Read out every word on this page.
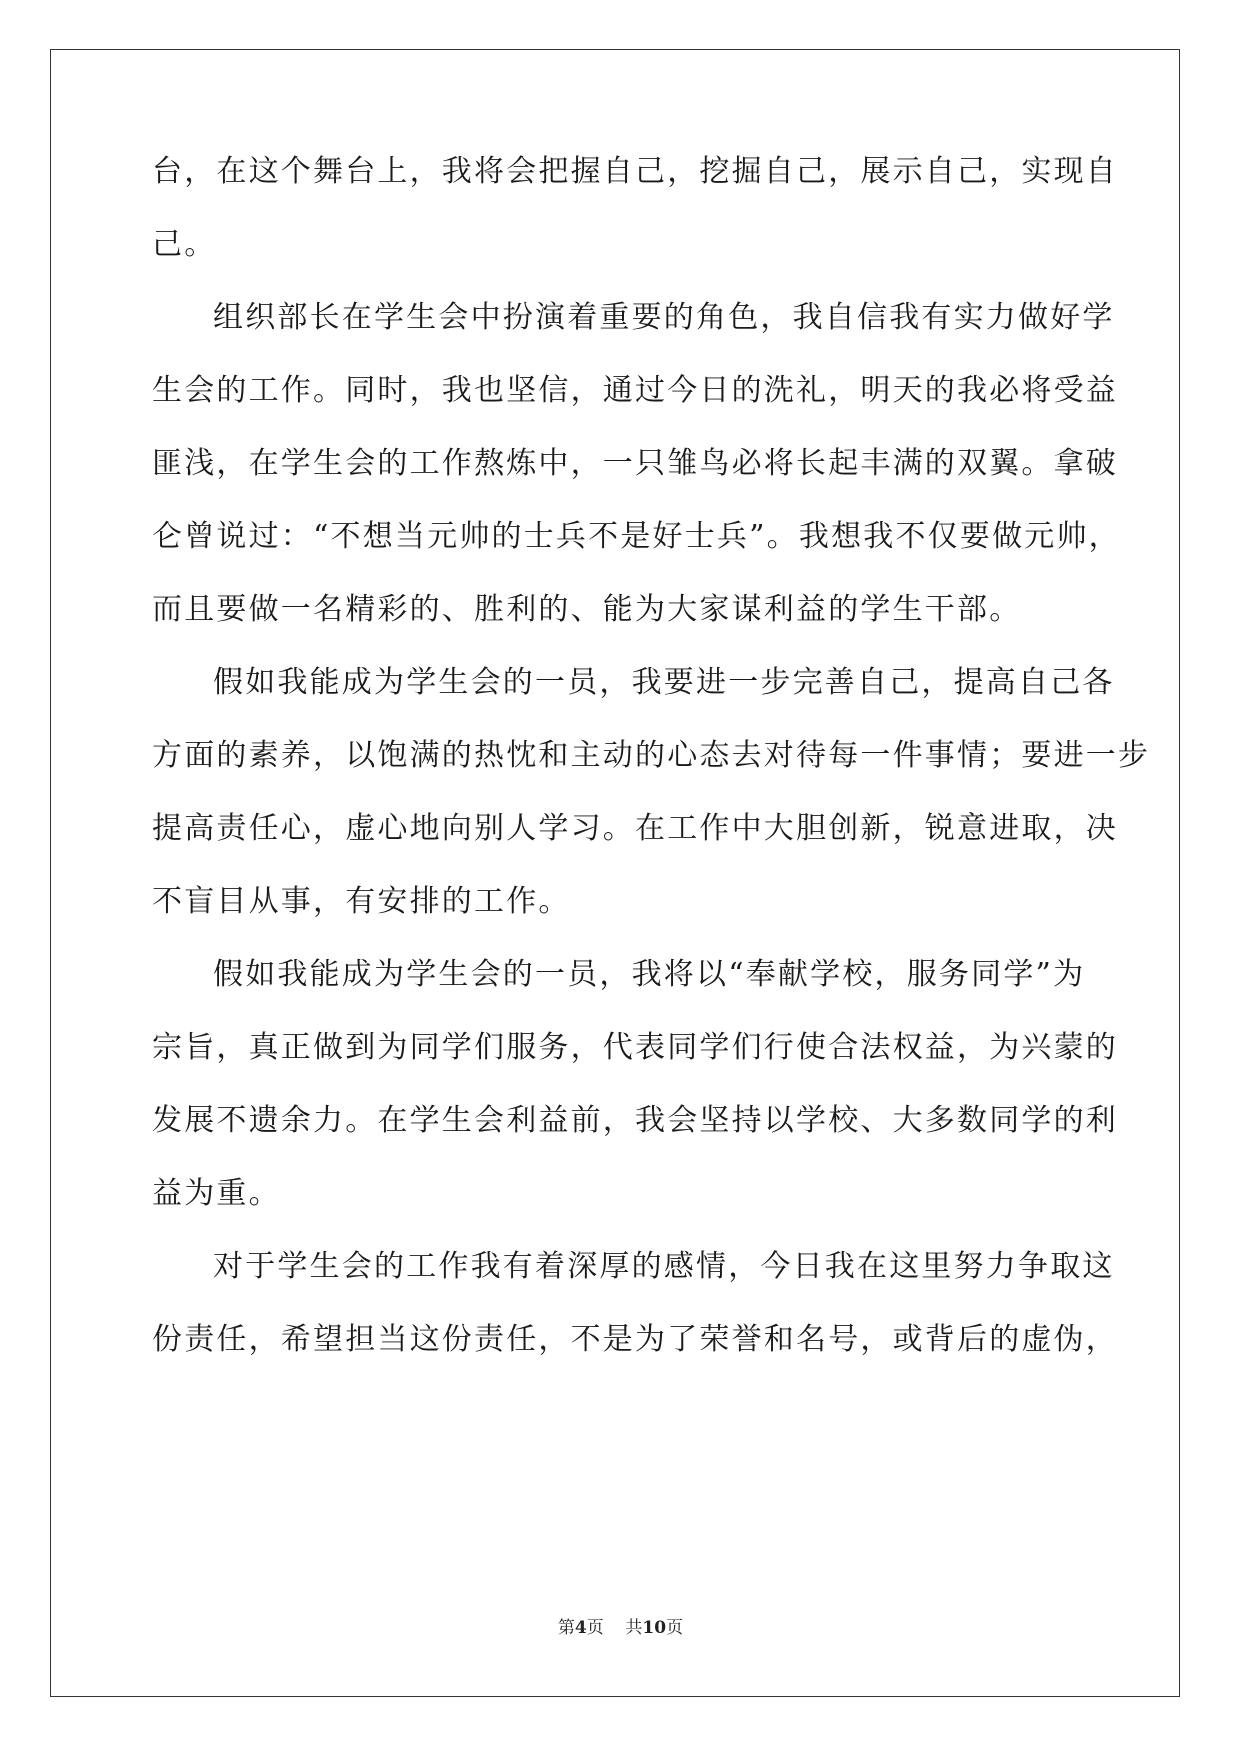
台，在这个舞台上，我将会把握自己，挖掘自己，展示自己，实现自
己。
组织部长在学生会中扮演着重要的角色，我自信我有实力做好学
生会的工作。同时，我也坚信，通过今日的洗礼，明天的我必将受益
匪浅，在学生会的工作熬炼中，一只雏鸟必将长起丰满的双翼。拿破
仑曾说过：“不想当元帅的士兵不是好士兵”。我想我不仅要做元帅，
而且要做一名精彩的、胜利的、能为大家谋利益的学生干部。
假如我能成为学生会的一员，我要进一步完善自己，提高自己各
方面的素养，以饱满的热忱和主动的心态去对待每一件事情；要进一步
提高责任心，虚心地向别人学习。在工作中大胆创新，锐意进取，决
不盲目从事，有安排的工作。
假如我能成为学生会的一员，我将以“奉献学校，服务同学”为
宗旨，真正做到为同学们服务，代表同学们行使合法权益，为兴蒙的
发展不遗余力。在学生会利益前，我会坚持以学校、大多数同学的利
益为重。
对于学生会的工作我有着深厚的感情，今日我在这里努力争取这
份责任，希望担当这份责任，不是为了荣誉和名号，或背后的虚伪，
第4页 共10页
